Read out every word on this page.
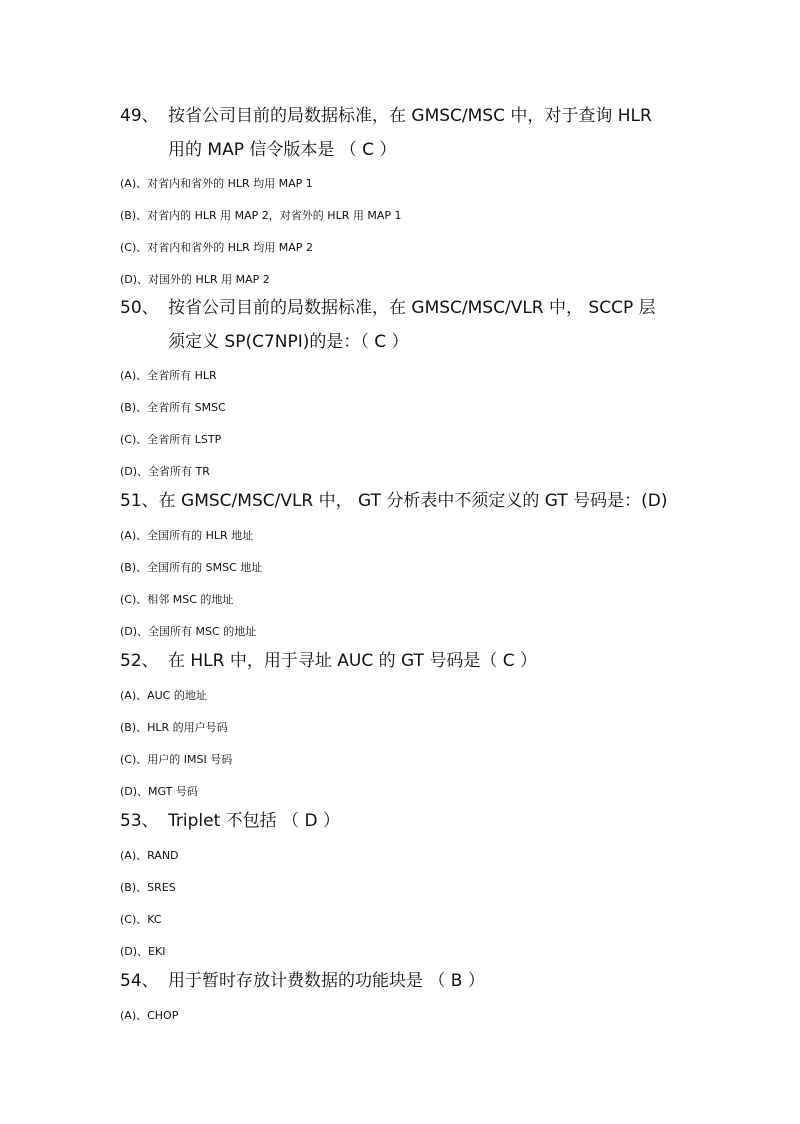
49、 按省公司目前的局数据标准，在 GMSC/MSC 中，对于查询 HLR
用的 MAP 信令版本是 （ C ）
(A)、对省内和省外的 HLR 均用 MAP 1
(B)、对省内的 HLR 用 MAP 2，对省外的 HLR 用 MAP 1
(C)、对省内和省外的 HLR 均用 MAP 2
(D)、对国外的 HLR 用 MAP 2
50、 按省公司目前的局数据标准，在 GMSC/MSC/VLR 中， SCCP 层
须定义 SP(C7NPI)的是：（ C ）
(A)、全省所有 HLR
(B)、全省所有 SMSC
(C)、全省所有 LSTP
(D)、全省所有 TR
51、在 GMSC/MSC/VLR 中， GT 分析表中不须定义的 GT 号码是：(D)
(A)、全国所有的 HLR 地址
(B)、全国所有的 SMSC 地址
(C)、相邻 MSC 的地址
(D)、全国所有 MSC 的地址
52、 在 HLR 中，用于寻址 AUC 的 GT 号码是（ C ）
(A)、AUC 的地址
(B)、HLR 的用户号码
(C)、用户的 IMSI 号码
(D)、MGT 号码
53、 Triplet 不包括 （ D ）
(A)、RAND
(B)、SRES
(C)、KC
(D)、EKI
54、 用于暂时存放计费数据的功能块是 （ B ）
(A)、CHOP
